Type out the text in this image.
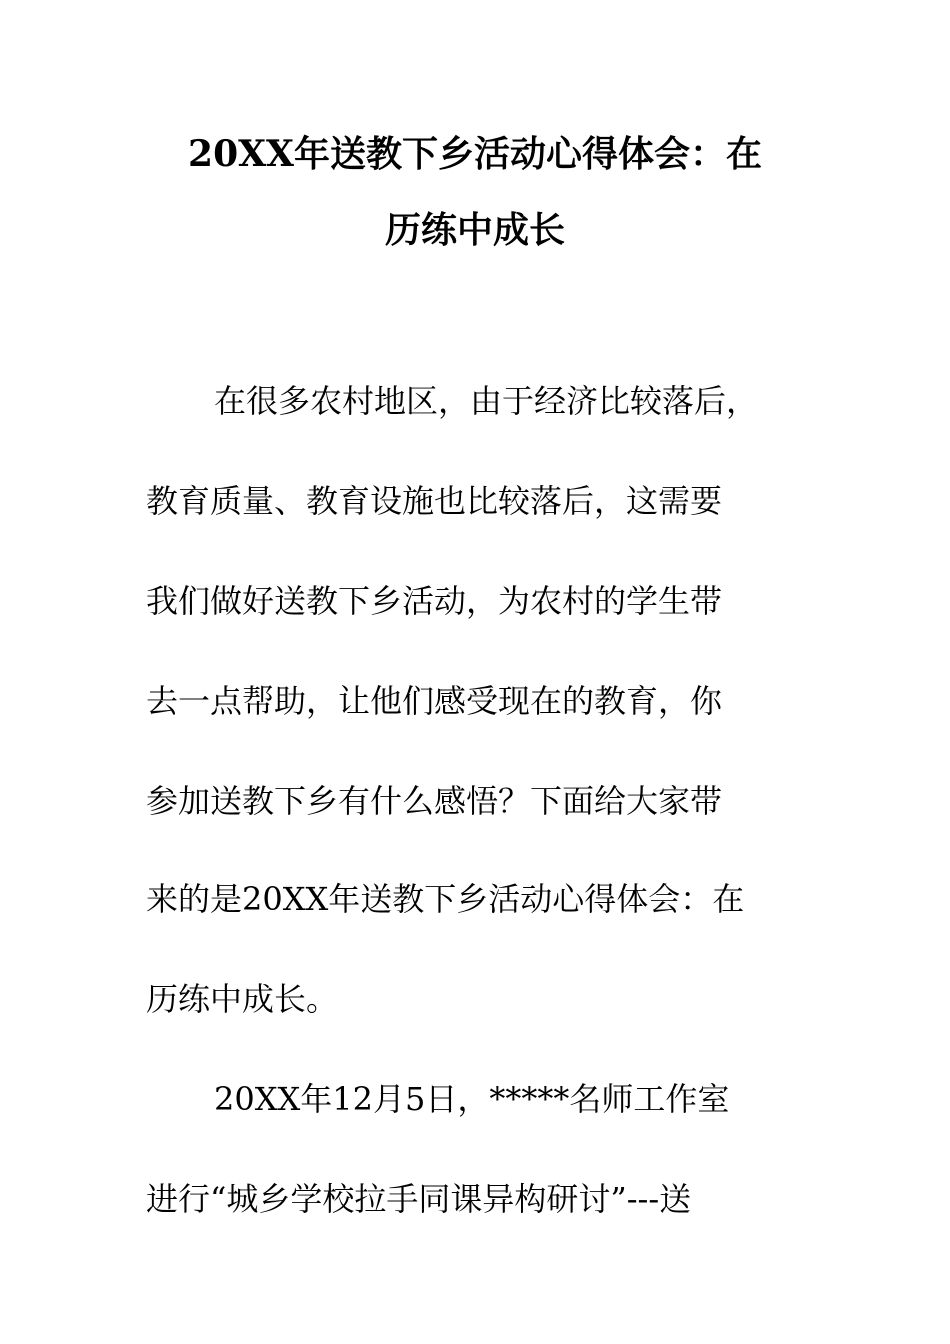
20XX年送教下乡活动心得体会：在
历练中成长
在很多农村地区，由于经济比较落后，
教育质量、教育设施也比较落后，这需要
我们做好送教下乡活动，为农村的学生带
去一点帮助，让他们感受现在的教育，你
参加送教下乡有什么感悟？下面给大家带
来的是20XX年送教下乡活动心得体会：在
历练中成长。
20XX年12月5日，*****名师工作室
进行“城乡学校拉手同课异构研讨”---送
